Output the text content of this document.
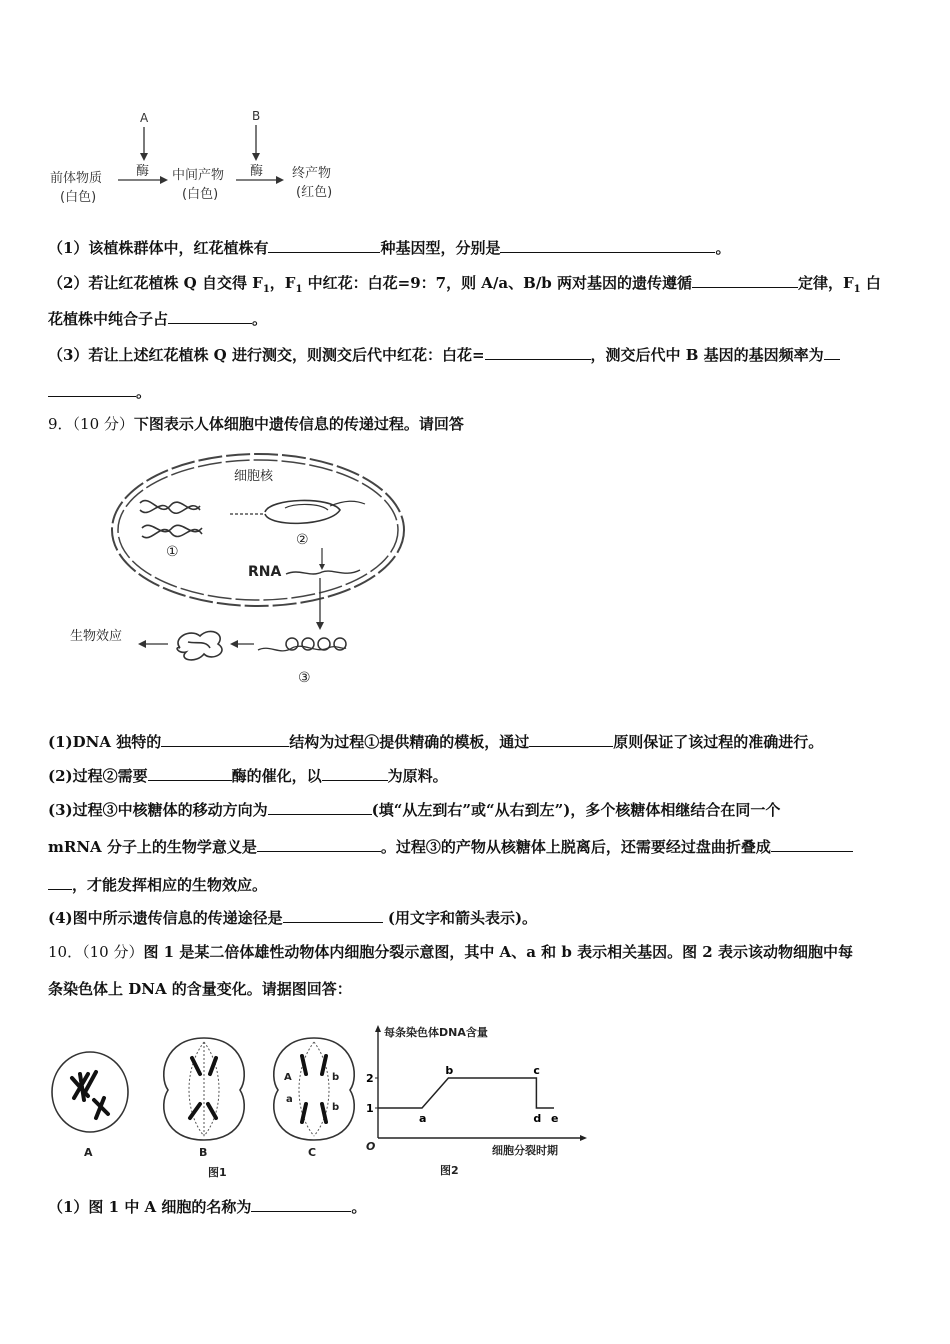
A	B
前体物质
(白色)
酶 中间产物
(白色)
酶 终产物
(红色)
（1）该植株群体中，红花植株有	种基因型，分别是	。
（2）若让红花植株 Q 自交得 $F_1$，$F_1$ 中红花：白花=9：7，则 A/a、B/b 两对基因的遗传遵循	定律，$F_1$ 白
花植株中纯合子占	。
（3）若让上述红花植株 Q 进行测交，则测交后代中红花：白花=	，测交后代中 B 基因的基因频率为
。
9．（10 分）下图表示人体细胞中遗传信息的传递过程。请回答
细胞核
①
②
RNA
③
生物效应
(1)DNA 独特的	结构为过程①提供精确的模板，通过	原则保证了该过程的准确进行。
(2)过程②需要	酶的催化，以	为原料。
(3)过程③中核糖体的移动方向为	(填“从左到右”或“从右到左”)，多个核糖体相继结合在同一个
mRNA 分子上的生物学意义是	。过程③的产物从核糖体上脱离后，还需要经过盘曲折叠成
，才能发挥相应的生物效应。
(4)图中所示遗传信息的传递途径是	(用文字和箭头表示)。
10．（10 分）图 1 是某二倍体雄性动物体内细胞分裂示意图，其中 A、a 和 b 表示相关基因。图 2 表示该动物细胞中每
条染色体上 DNA 的含量变化。请据图回答：
A	B
A
a
b
b
C
图1
每条染色体DNA含量
细胞分裂时期
O
图2
1
2
a
b	c
d e
（1）图 1 中 A 细胞的名称为	。
